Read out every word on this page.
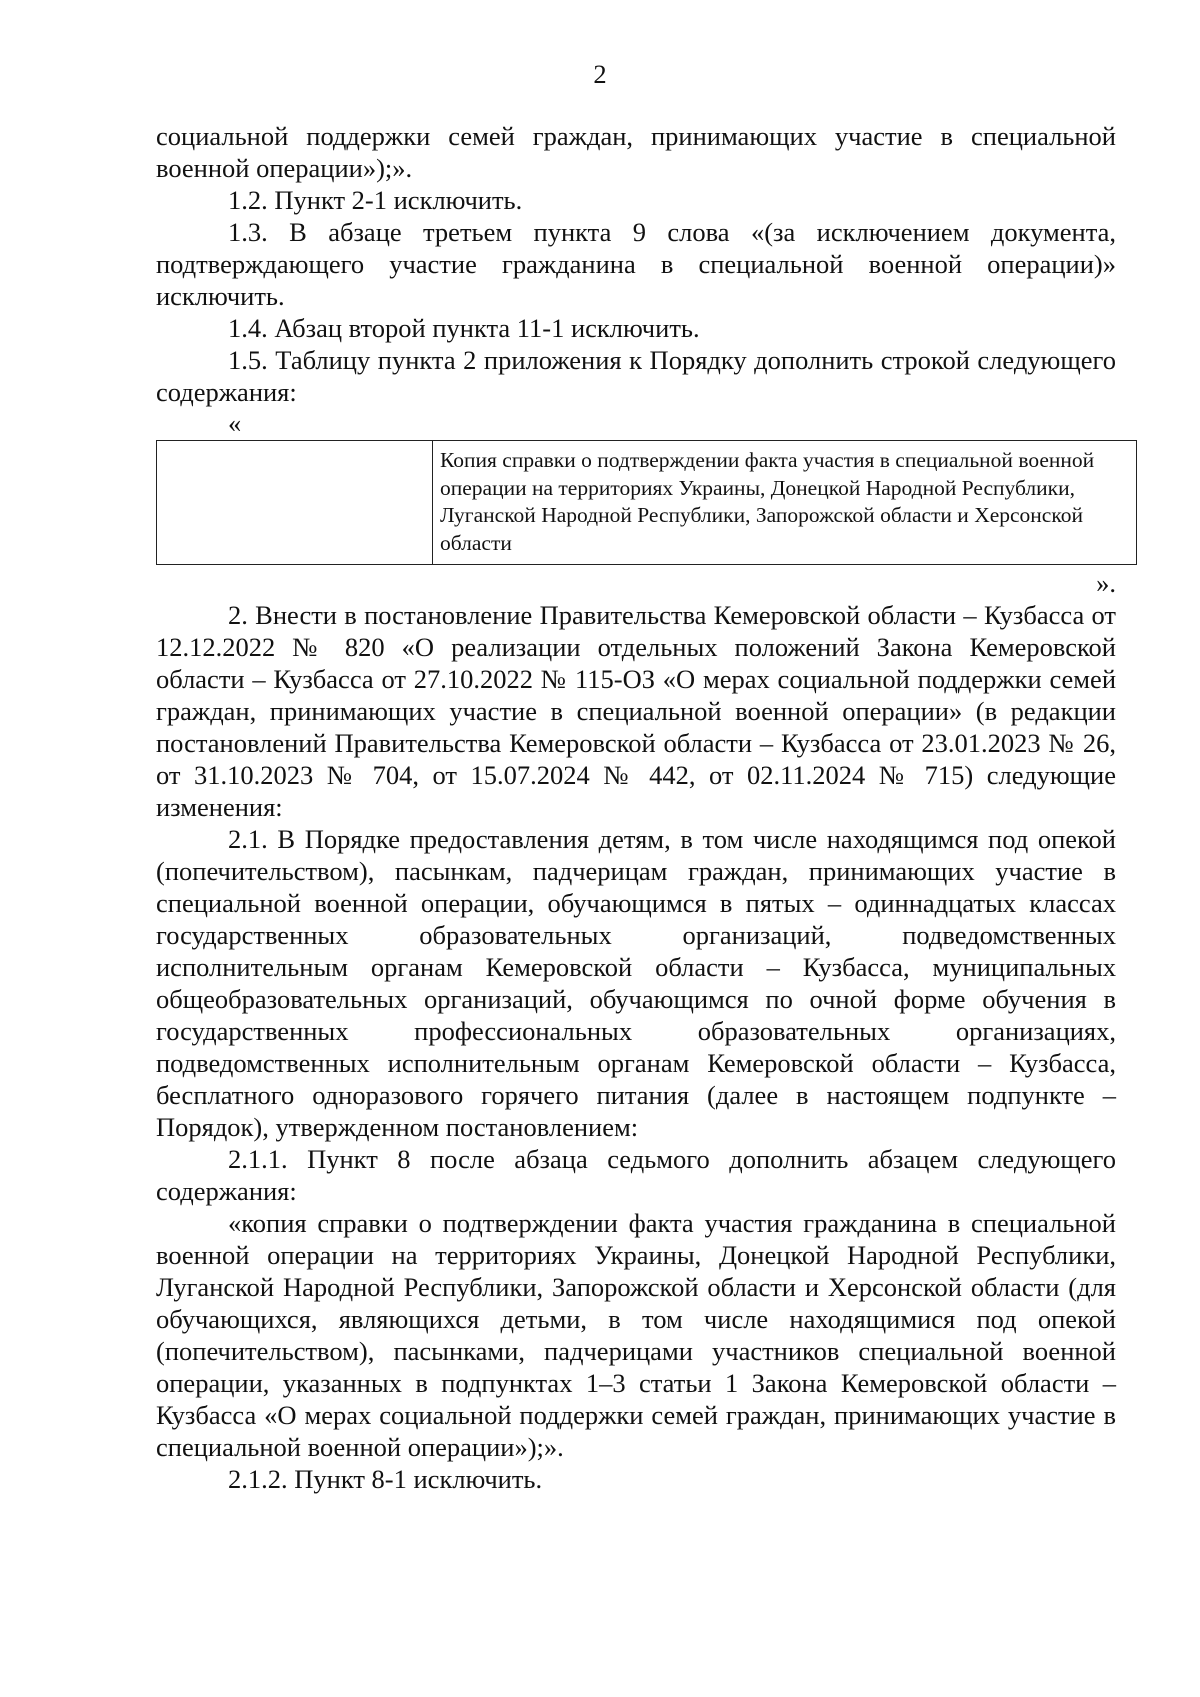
2

социальной поддержки семей граждан, принимающих участие в специальной военной операции»);».

1.2. Пункт 2-1 исключить.

1.3. В абзаце третьем пункта 9 слова «(за исключением документа, подтверждающего участие гражданина в специальной военной операции)» исключить.

1.4. Абзац второй пункта 11-1 исключить.

1.5. Таблицу пункта 2 приложения к Порядку дополнить строкой следующего содержания:

«
	Копия справки о подтверждении факта участия в специальной военной операции на территориях Украины, Донецкой Народной Республики, Луганской Народной Республики, Запорожской области и Херсонской области
».

2. Внести в постановление Правительства Кемеровской области – Кузбасса от 12.12.2022 № 820 «О реализации отдельных положений Закона Кемеровской области – Кузбасса от 27.10.2022 № 115-ОЗ «О мерах социальной поддержки семей граждан, принимающих участие в специальной военной операции» (в редакции постановлений Правительства Кемеровской области – Кузбасса от 23.01.2023 № 26, от 31.10.2023 № 704, от 15.07.2024 № 442, от 02.11.2024 № 715) следующие изменения:

2.1. В Порядке предоставления детям, в том числе находящимся под опекой (попечительством), пасынкам, падчерицам граждан, принимающих участие в специальной военной операции, обучающимся в пятых – одиннадцатых классах государственных образовательных организаций, подведомственных исполнительным органам Кемеровской области – Кузбасса, муниципальных общеобразовательных организаций, обучающимся по очной форме обучения в государственных профессиональных образовательных организациях, подведомственных исполнительным органам Кемеровской области – Кузбасса, бесплатного одноразового горячего питания (далее в настоящем подпункте – Порядок), утвержденном постановлением:

2.1.1. Пункт 8 после абзаца седьмого дополнить абзацем следующего содержания:

«копия справки о подтверждении факта участия гражданина в специальной военной операции на территориях Украины, Донецкой Народной Республики, Луганской Народной Республики, Запорожской области и Херсонской области (для обучающихся, являющихся детьми, в том числе находящимися под опекой (попечительством), пасынками, падчерицами участников специальной военной операции, указанных в подпунктах 1–3 статьи 1 Закона Кемеровской области – Кузбасса «О мерах социальной поддержки семей граждан, принимающих участие в специальной военной операции»);».

2.1.2. Пункт 8-1 исключить.
